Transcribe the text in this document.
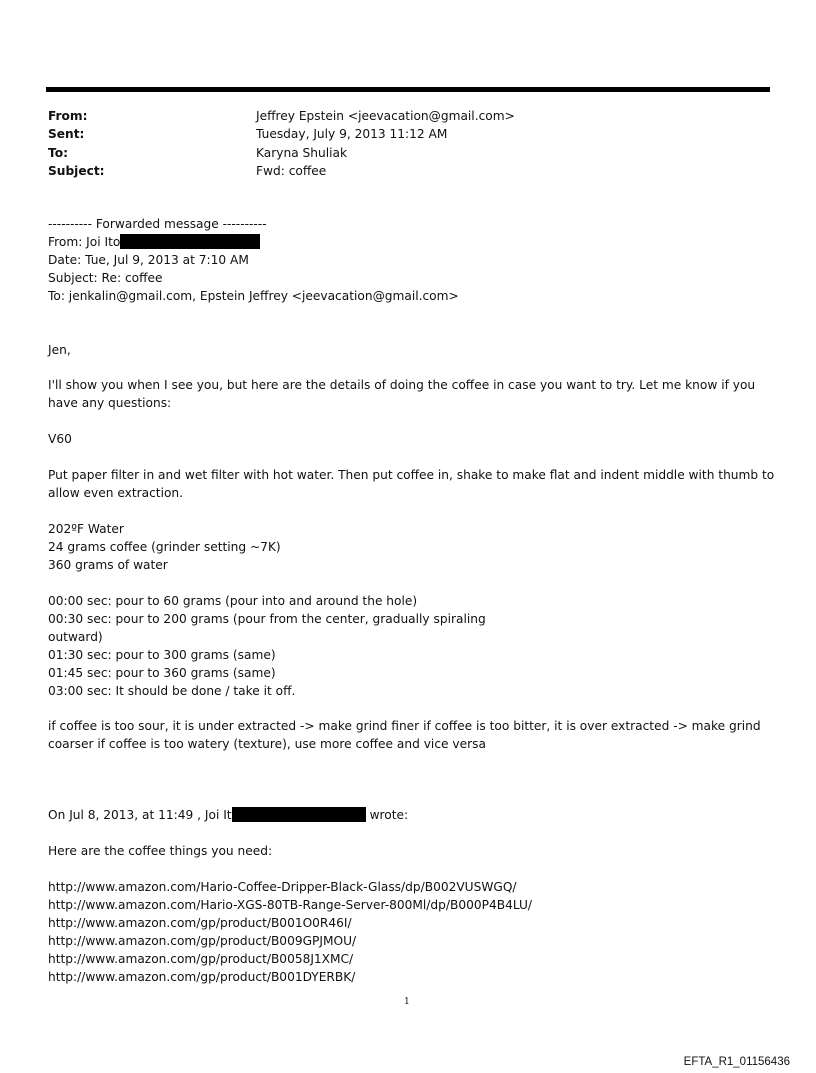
From:	Jeffrey Epstein <jeevacation@gmail.com>
Sent:	Tuesday, July 9, 2013 11:12 AM
To:	Karyna Shuliak
Subject:	Fwd: coffee
---------- Forwarded message ----------
From: Joi Ito
Date: Tue, Jul 9, 2013 at 7:10 AM
Subject: Re: coffee
To: jenkalin@gmail.com, Epstein Jeffrey <jeevacation@gmail.com>
Jen,
I'll show you when I see you, but here are the details of doing the coffee in case you want to try. Let me know if you
have any questions:
V60
Put paper filter in and wet filter with hot water. Then put coffee in, shake to make flat and indent middle with thumb to
allow even extraction.
202ºF Water
24 grams coffee (grinder setting ~7K)
360 grams of water
00:00 sec: pour to 60 grams (pour into and around the hole)
00:30 sec: pour to 200 grams (pour from the center, gradually spiraling
outward)
01:30 sec: pour to 300 grams (same)
01:45 sec: pour to 360 grams (same)
03:00 sec: It should be done / take it off.
if coffee is too sour, it is under extracted -> make grind finer if coffee is too bitter, it is over extracted -> make grind
coarser if coffee is too watery (texture), use more coffee and vice versa
On Jul 8, 2013, at 11:49 , Joi It	wrote:
Here are the coffee things you need:
http://www.amazon.com/Hario-Coffee-Dripper-Black-Glass/dp/B002VUSWGQ/
http://www.amazon.com/Hario-XGS-80TB-Range-Server-800Ml/dp/B000P4B4LU/
http://www.amazon.com/gp/product/B001O0R46I/
http://www.amazon.com/gp/product/B009GPJMOU/
http://www.amazon.com/gp/product/B0058J1XMC/
http://www.amazon.com/gp/product/B001DYERBK/
1
EFTA_R1_01156436
